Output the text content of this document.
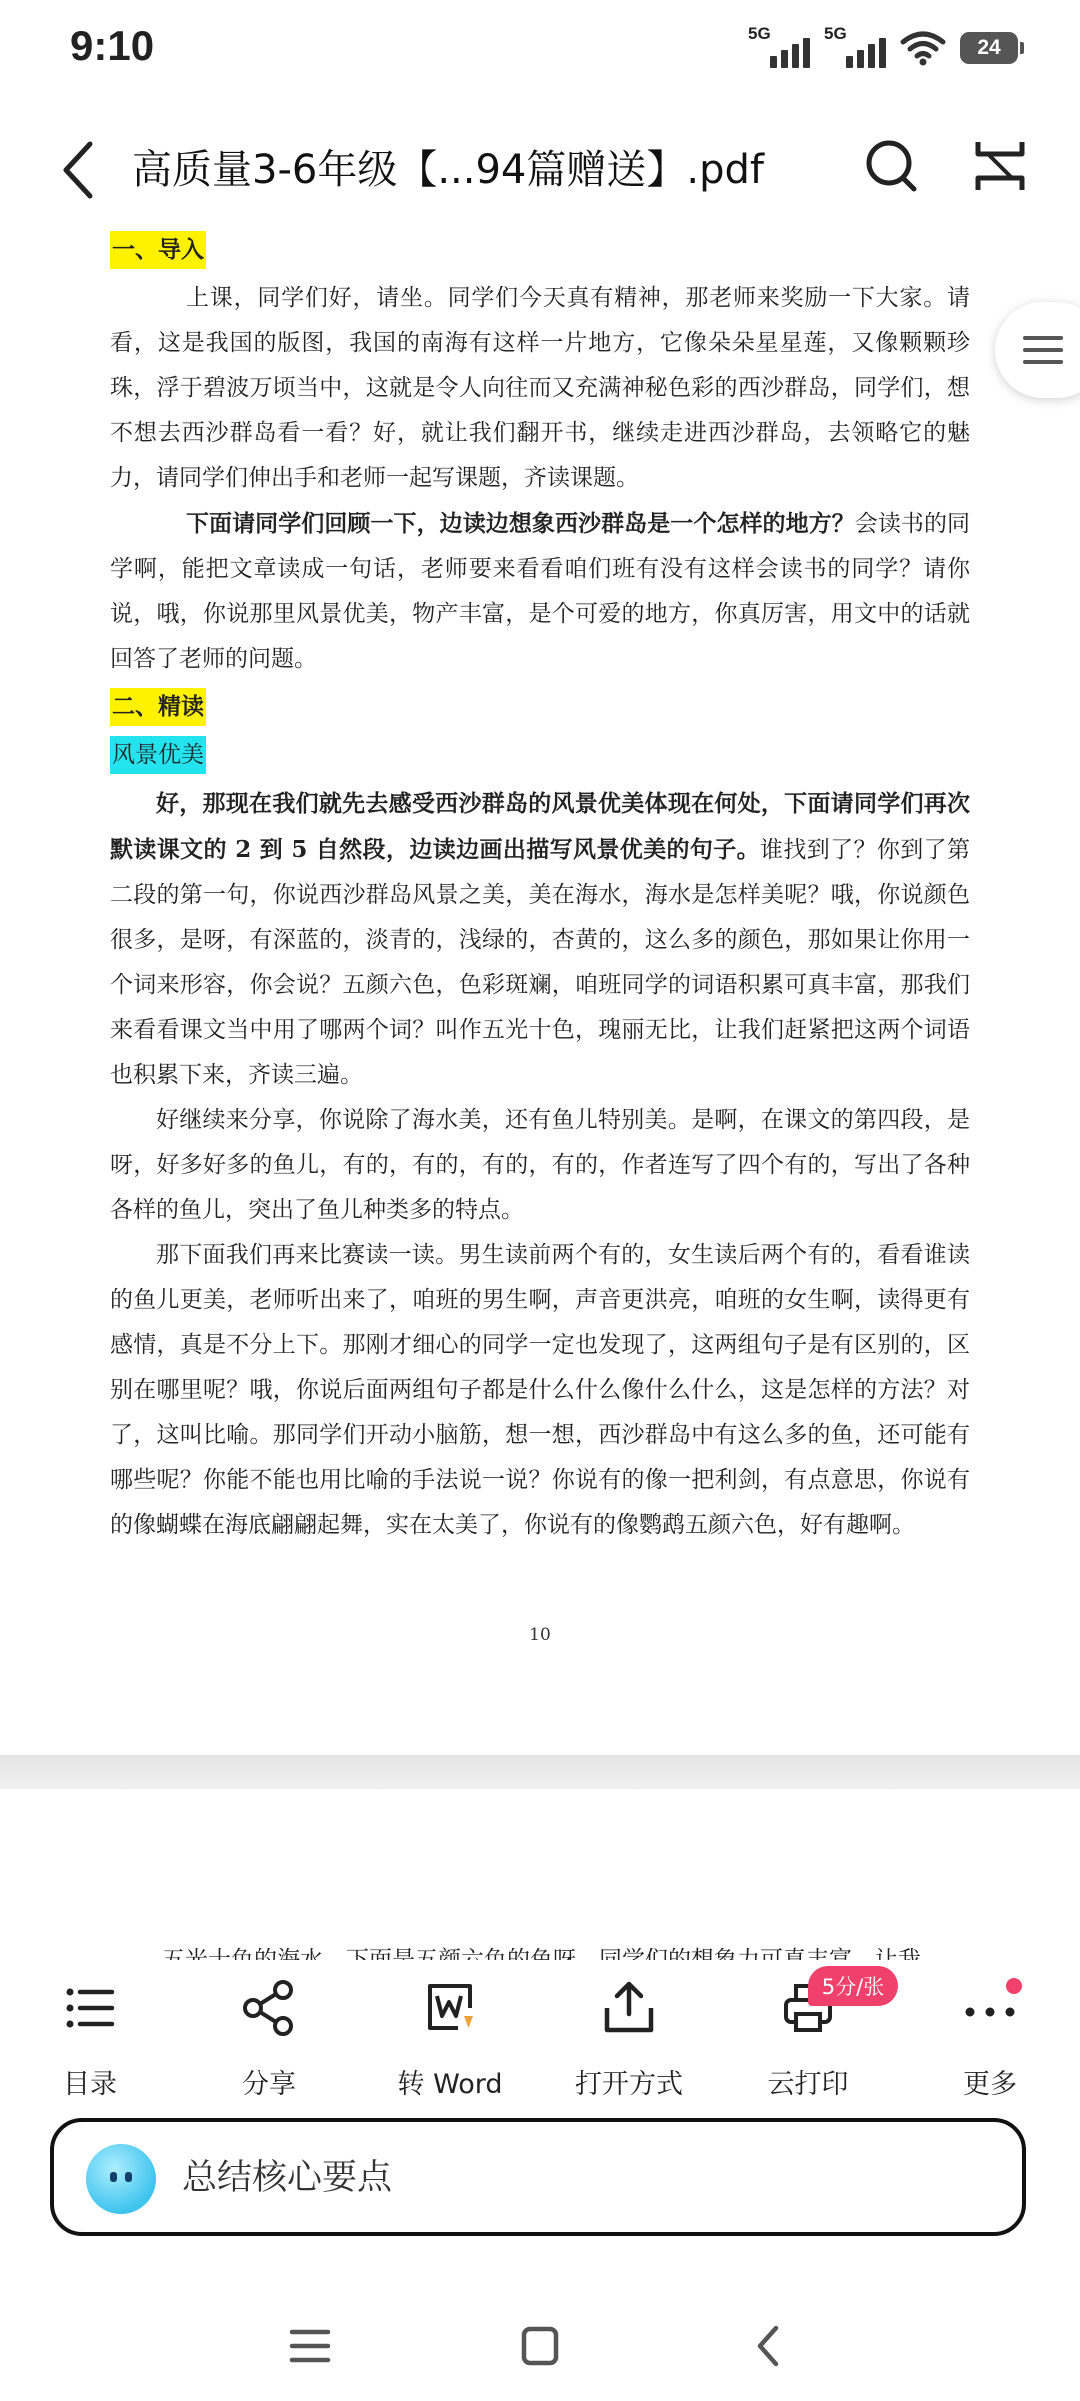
9:10	5G	5G
24
高质量3-6年级【...94篇赠送】.pdf

一、导入

上课，同学们好，请坐。同学们今天真有精神，那老师来奖励一下大家。请看，这是我国的版图，我国的南海有这样一片地方，它像朵朵星星莲，又像颗颗珍珠，浮于碧波万顷当中，这就是令人向往而又充满神秘色彩的西沙群岛，同学们，想不想去西沙群岛看一看？好，就让我们翻开书，继续走进西沙群岛，去领略它的魅力，请同学们伸出手和老师一起写课题，齐读课题。

下面请同学们回顾一下，边读边想象西沙群岛是一个怎样的地方？会读书的同学啊，能把文章读成一句话，老师要来看看咱们班有没有这样会读书的同学？请你说，哦，你说那里风景优美，物产丰富，是个可爱的地方，你真厉害，用文中的话就回答了老师的问题。

二、精读

风景优美

好，那现在我们就先去感受西沙群岛的风景优美体现在何处，下面请同学们再次默读课文的 2 到 5 自然段，边读边画出描写风景优美的句子。谁找到了？你到了第二段的第一句，你说西沙群岛风景之美，美在海水，海水是怎样美呢？哦，你说颜色很多，是呀，有深蓝的，淡青的，浅绿的，杏黄的，这么多的颜色，那如果让你用一个词来形容，你会说？五颜六色，色彩斑斓，咱班同学的词语积累可真丰富，那我们来看看课文当中用了哪两个词？叫作五光十色，瑰丽无比，让我们赶紧把这两个词语也积累下来，齐读三遍。

好继续来分享，你说除了海水美，还有鱼儿特别美。是啊，在课文的第四段，是呀，好多好多的鱼儿，有的，有的，有的，有的，作者连写了四个有的，写出了各种各样的鱼儿，突出了鱼儿种类多的特点。

那下面我们再来比赛读一读。男生读前两个有的，女生读后两个有的，看看谁读的鱼儿更美，老师听出来了，咱班的男生啊，声音更洪亮，咱班的女生啊，读得更有感情，真是不分上下。那刚才细心的同学一定也发现了，这两组句子是有区别的，区别在哪里呢？哦，你说后面两组句子都是什么什么像什么什么，这是怎样的方法？对了，这叫比喻。那同学们开动小脑筋，想一想，西沙群岛中有这么多的鱼，还可能有哪些呢？你能不能也用比喻的手法说一说？你说有的像一把利剑，有点意思，你说有的像蝴蝶在海底翩翩起舞，实在太美了，你说有的像鹦鹉五颜六色，好有趣啊。

10
目录	分享	转 Word	打开方式	云打印	更多
5分/张
总结核心要点
